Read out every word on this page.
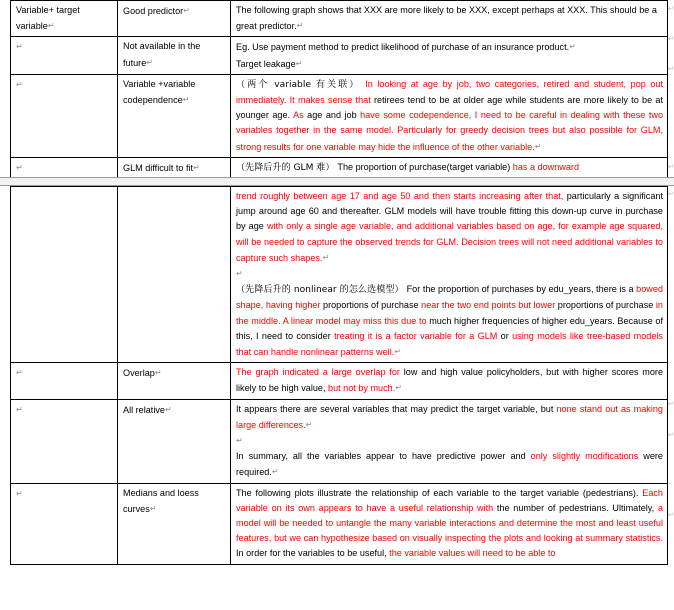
Variable+ target variable↵	Good predictor↵	The following graph shows that XXX are more likely to be XXX, except perhaps at XXX. This should be a great predictor.↵

↵	Not available in the future↵	Eg. Use payment method to predict likelihood of purchase of an insurance product.↵

Target leakage↵

↵	Variable +variable codependence↵	（两个 variable 有关联） In looking at age by job, two categories, retired and student, pop out immediately. It makes sense that retirees tend to be at older age while students are more likely to be at younger age. As age and job have some codependence, I need to be careful in dealing with these two variables together in the same model. Particularly for greedy decision trees but also possible for GLM, strong results for one variable may hide the influence of the other variable.↵

↵	GLM difficult to fit↵	（先降后升的 GLM 难） The proportion of purchase(target variable) has a downward

		trend roughly between age 17 and age 50 and then starts increasing after that, particularly a significant jump around age 60 and thereafter. GLM models will have trouble fitting this down-up curve in purchase by age with only a single age variable, and additional variables based on age, for example age squared, will be needed to capture the observed trends for GLM. Decision trees will not need additional variables to capture such shapes.↵

↵

（先降后升的 nonlinear 的怎么选模型） For the proportion of purchases by edu_years, there is a bowed shape, having higher proportions of purchase near the two end points but lower proportions of purchase in the middle. A linear model may miss this due to much higher frequencies of higher edu_years. Because of this, I need to consider treating it is a factor variable for a GLM or using models like tree-based models that can handle nonlinear patterns well.↵

↵	Overlap↵	The graph indicated a large overlap for low and high value policyholders, but with higher scores more likely to be high value, but not by much.↵

↵	All relative↵	It appears there are several variables that may predict the target variable, but none stand out as making large differences.↵

↵

In summary, all the variables appear to have predictive power and only slightly modifications were required.↵

↵	Medians and loess curves↵	The following plots illustrate the relationship of each variable to the target variable (pedestrians). Each variable on its own appears to have a useful relationship with the number of pedestrians. Ultimately, a model will be needed to untangle the many variable interactions and determine the most and least useful features, but we can hypothesize based on visually inspecting the plots and looking at summary statistics. In order for the variables to be useful, the variable values will need to be able to

↵
↵
↵
↵
↵
↵
↵
↵
